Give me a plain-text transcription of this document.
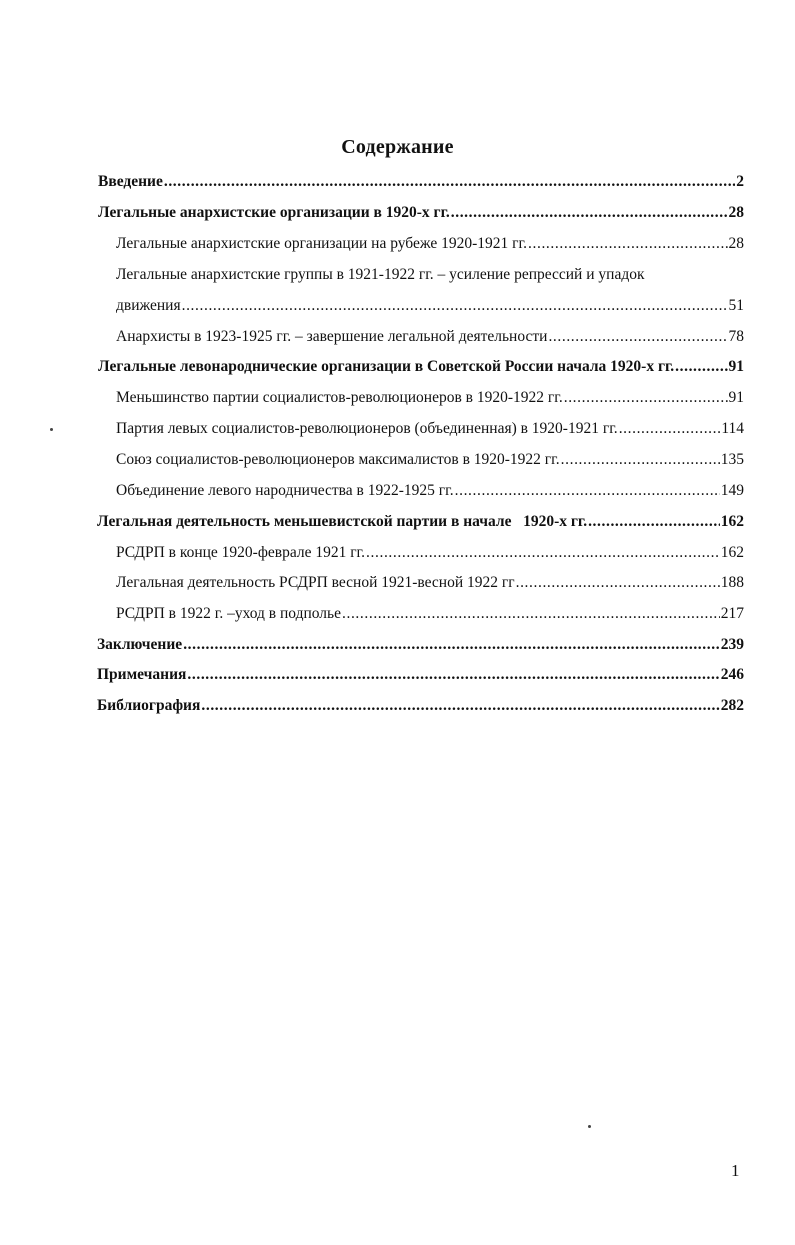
Содержание
Введение .....	2
Легальные анархистские организации в 1920-х гг. .....	28
Легальные анархистские организации на рубеже 1920-1921 гг. .....	28
Легальные анархистские группы в 1921-1922 гг. – усиление репрессий и упадок
движения .....	51
Анархисты в 1923-1925 гг. – завершение легальной деятельности .....	78
Легальные левонароднические организации в Советской России начала 1920-х гг. .....	91
Меньшинство партии социалистов-революционеров в 1920-1922 гг. .....	91
Партия левых социалистов-революционеров (объединенная) в 1920-1921 гг. .....	114
Союз социалистов-революционеров максималистов в 1920-1922 гг. .....	135
Объединение левого народничества в 1922-1925 гг. .....	149
Легальная деятельность меньшевистской партии в начале   1920-х гг. .....	162
РСДРП в конце 1920-феврале 1921 гг. .....	162
Легальная деятельность РСДРП весной 1921-весной 1922 гг .....	188
РСДРП в 1922 г. –уход в подполье .....	217
Заключение .....	239
Примечания .....	246
Библиография .....	282
1
